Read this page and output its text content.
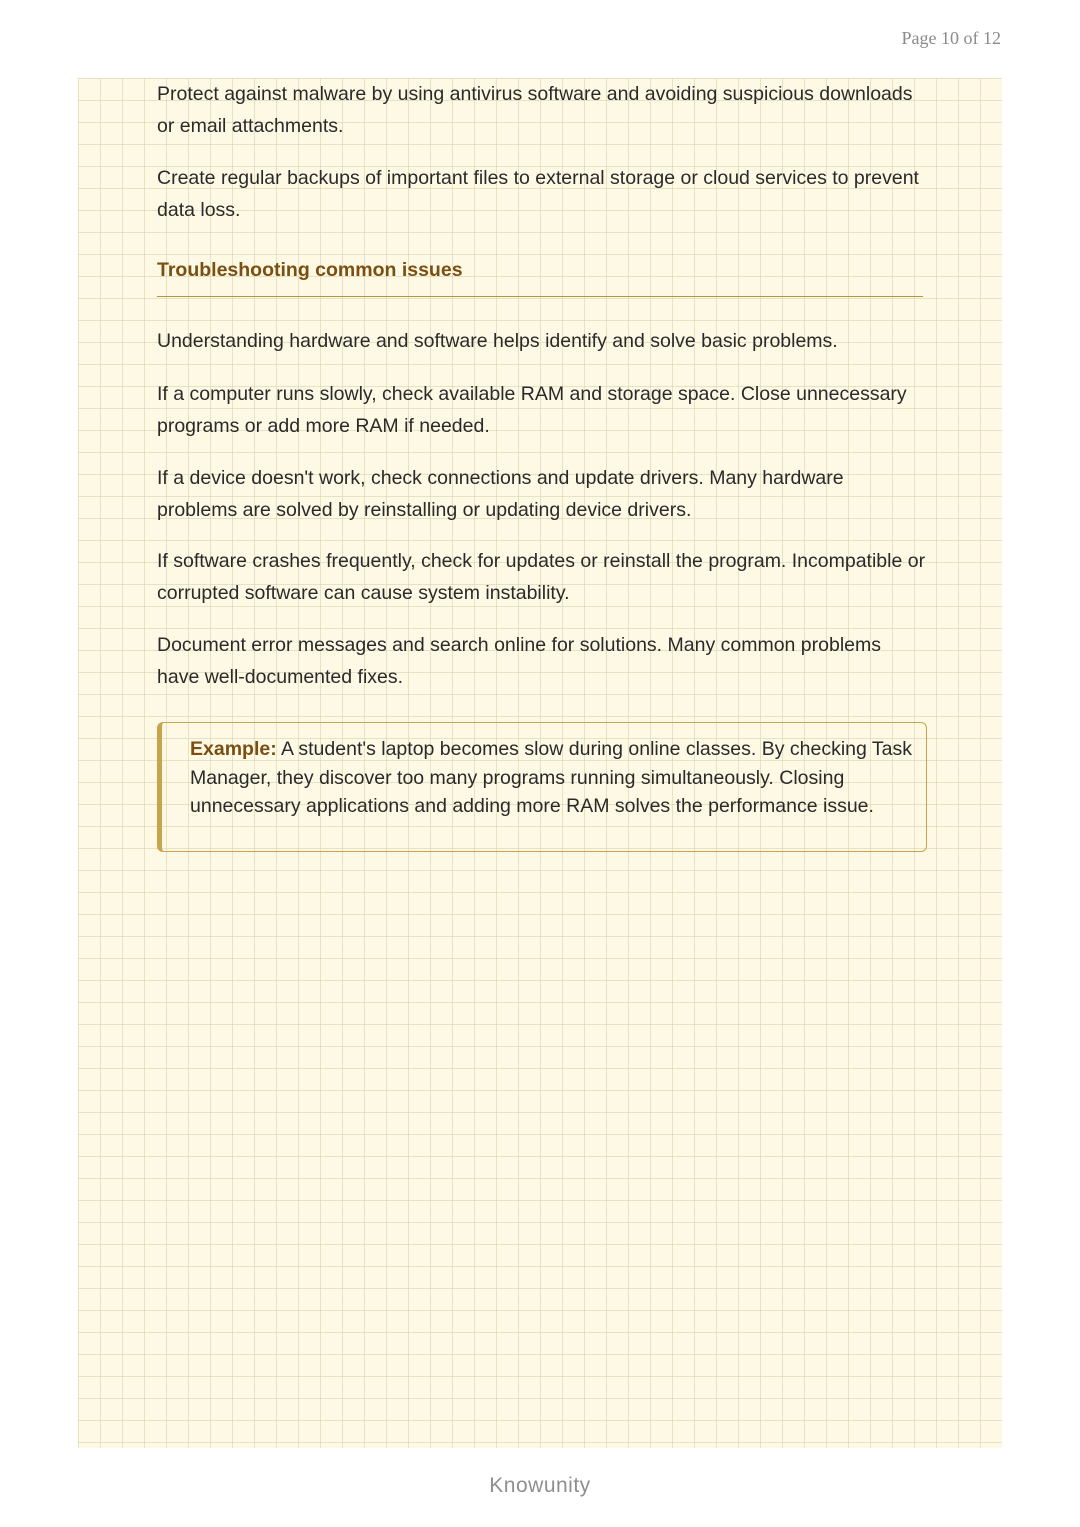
Page 10 of 12

Protect against malware by using antivirus software and avoiding suspicious downloads or email attachments.

Create regular backups of important files to external storage or cloud services to prevent data loss.

Troubleshooting common issues

Understanding hardware and software helps identify and solve basic problems.

If a computer runs slowly, check available RAM and storage space. Close unnecessary programs or add more RAM if needed.

If a device doesn't work, check connections and update drivers. Many hardware problems are solved by reinstalling or updating device drivers.

If software crashes frequently, check for updates or reinstall the program. Incompatible or corrupted software can cause system instability.

Document error messages and search online for solutions. Many common problems have well-documented fixes.

Example: A student's laptop becomes slow during online classes. By checking Task Manager, they discover too many programs running simultaneously. Closing unnecessary applications and adding more RAM solves the performance issue.
Knowunity
